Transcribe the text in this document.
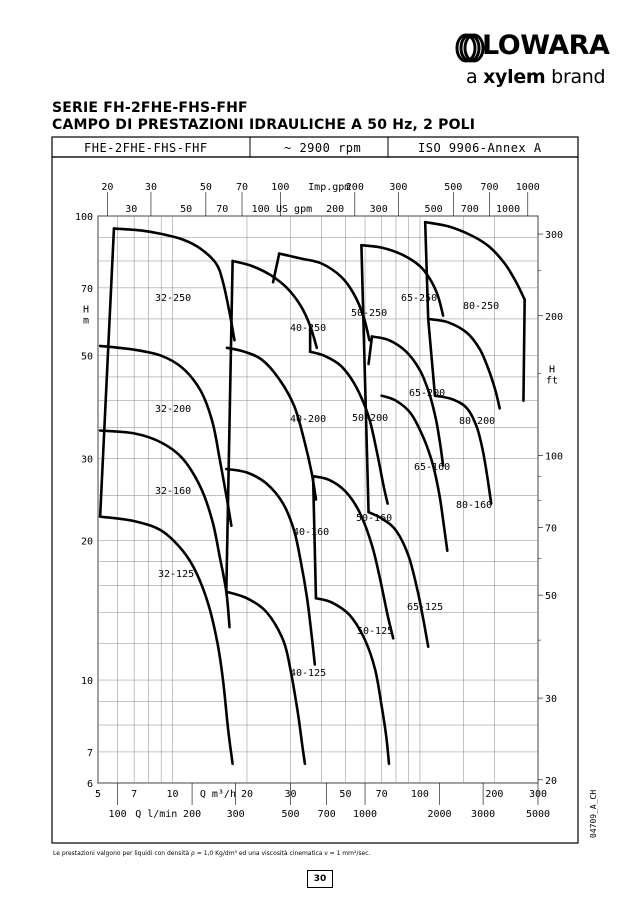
LOWARA
a xylem brand
SERIE FH-2FHE-FHS-FHF
CAMPO DI PRESTAZIONI IDRAULICHE A 50 Hz, 2 POLI
FHE-2FHE-FHS-FHF	~ 2900 rpm	ISO 9906-Annex A
5	7	10	20	30	50 70 100	200	300
Q m³/h
100	200	300	500 700 1000	2000 3000	5000
Q l/min
20	30	50 70 100	200	300	500 700 1000
Imp.gpm
30	50 70 100	200	300	500 700 1000
US gpm
6
7
10
20
30
50
70
100
H
m
20
30
50
70
100
200
300
H
ft
32-250
32-200
32-160
32-125
40-250
40-200
40-160
40-125
50-250
50-200
50-160
50-125
65-250
65-200
65-160
65-125
80-250
80-200
80-160
04709_A_CH
Le prestazioni valgono per liquidi con densità ρ = 1,0 Kg/dm³ ed una viscosità cinematica ν = 1 mm²/sec.
30
